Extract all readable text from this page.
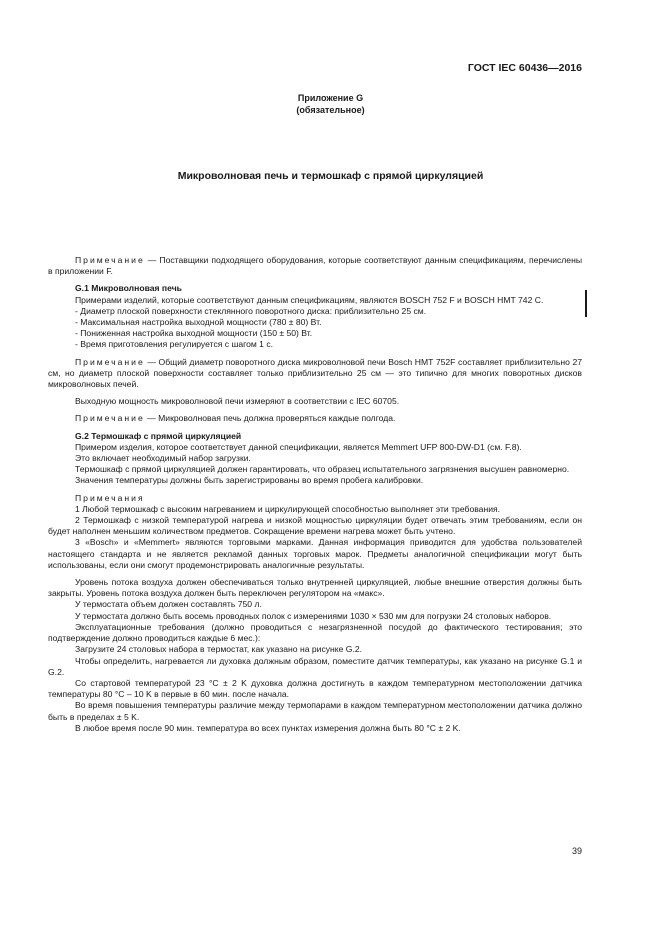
ГОСТ IEC 60436—2016
Приложение G
(обязательное)
Микроволновая печь и термошкаф с прямой циркуляцией

Примечание — Поставщики подходящего оборудования, которые соответствуют данным спецификациям, перечислены в приложении F.

G.1 Микроволновая печь

Примерами изделий, которые соответствуют данным спецификациям, являются BOSCH 752 F и BOSCH HMT 742 C.

- Диаметр плоской поверхности стеклянного поворотного диска: приблизительно 25 см.
- Максимальная настройка выходной мощности (780 ± 80) Вт.
- Пониженная настройка выходной мощности (150 ± 50) Вт.
- Время приготовления регулируется с шагом 1 с.

Примечание — Общий диаметр поворотного диска микроволновой печи Bosch HMT 752F составляет приблизительно 27 см, но диаметр плоской поверхности составляет только приблизительно 25 см — это типично для многих поворотных дисков микроволновых печей.

Выходную мощность микроволновой печи измеряют в соответствии с IEC 60705.

Примечание — Микроволновая печь должна проверяться каждые полгода.

G.2 Термошкаф с прямой циркуляцией

Примером изделия, которое соответствует данной спецификации, является Memmert UFP 800-DW-D1 (см. F.8).

Это включает необходимый набор загрузки.

Термошкаф с прямой циркуляцией должен гарантировать, что образец испытательного загрязнения высушен равномерно.

Значения температуры должны быть зарегистрированы во время пробега калибровки.

Примечания

1 Любой термошкаф с высоким нагреванием и циркулирующей способностью выполняет эти требования.

2 Термошкаф с низкой температурой нагрева и низкой мощностью циркуляции будет отвечать этим требованиям, если он будет наполнен меньшим количеством предметов. Сокращение времени нагрева может быть учтено.

3 «Bosch» и «Memmert» являются торговыми марками. Данная информация приводится для удобства пользователей настоящего стандарта и не является рекламой данных торговых марок. Предметы аналогичной спецификации могут быть использованы, если они смогут продемонстрировать аналогичные результаты.

Уровень потока воздуха должен обеспечиваться только внутренней циркуляцией, любые внешние отверстия должны быть закрыты. Уровень потока воздуха должен быть переключен регулятором на «макс».

У термостата объем должен составлять 750 л.

У термостата должно быть восемь проводных полок с измерениями 1030 × 530 мм для погрузки 24 столовых наборов.

Эксплуатационные требования (должно проводиться с незагрязненной посудой до фактического тестирования; это подтверждение должно проводиться каждые 6 мес.):

Загрузите 24 столовых набора в термостат, как указано на рисунке G.2.

Чтобы определить, нагревается ли духовка должным образом, поместите датчик температуры, как указано на рисунке G.1 и G.2.

Со стартовой температурой 23 °C ± 2 K духовка должна достигнуть в каждом температурном местоположении датчика температуры 80 °C – 10 K в первые в 60 мин. после начала.

Во время повышения температуры различие между термопарами в каждом температурном местоположении датчика должно быть в пределах ± 5 K.

В любое время после 90 мин. температура во всех пунктах измерения должна быть 80 °C ± 2 K.

39
